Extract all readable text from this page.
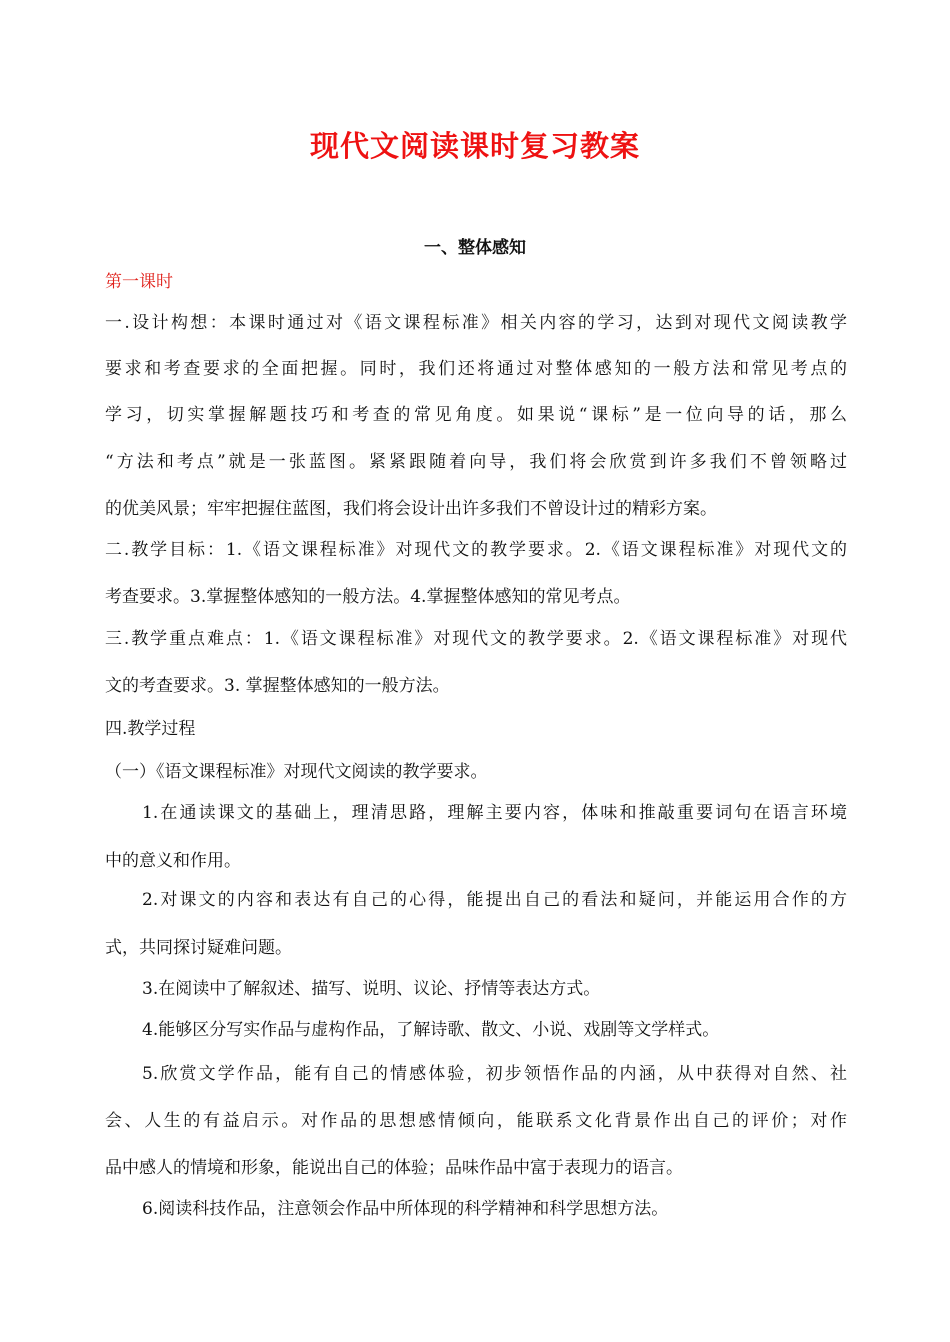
现代文阅读课时复习教案
一、整体感知
第一课时
一.设计构想：本课时通过对《语文课程标准》相关内容的学习，达到对现代文阅读教学
要求和考查要求的全面把握。同时，我们还将通过对整体感知的一般方法和常见考点的
学习，切实掌握解题技巧和考查的常见角度。如果说“课标”是一位向导的话，那么
“方法和考点”就是一张蓝图。紧紧跟随着向导，我们将会欣赏到许多我们不曾领略过
的优美风景；牢牢把握住蓝图，我们将会设计出许多我们不曾设计过的精彩方案。
二.教学目标：1.《语文课程标准》对现代文的教学要求。2.《语文课程标准》对现代文的
考查要求。3.掌握整体感知的一般方法。4.掌握整体感知的常见考点。
三.教学重点难点：1.《语文课程标准》对现代文的教学要求。2.《语文课程标准》对现代
文的考查要求。3. 掌握整体感知的一般方法。
四.教学过程
（一）《语文课程标准》对现代文阅读的教学要求。
1.在通读课文的基础上，理清思路，理解主要内容，体味和推敲重要词句在语言环境
中的意义和作用。
2.对课文的内容和表达有自己的心得，能提出自己的看法和疑问，并能运用合作的方
式，共同探讨疑难问题。
3.在阅读中了解叙述、描写、说明、议论、抒情等表达方式。
4.能够区分写实作品与虚构作品，了解诗歌、散文、小说、戏剧等文学样式。
5.欣赏文学作品，能有自己的情感体验，初步领悟作品的内涵，从中获得对自然、社
会、人生的有益启示。对作品的思想感情倾向，能联系文化背景作出自己的评价；对作
品中感人的情境和形象，能说出自己的体验；品味作品中富于表现力的语言。
6.阅读科技作品，注意领会作品中所体现的科学精神和科学思想方法。
